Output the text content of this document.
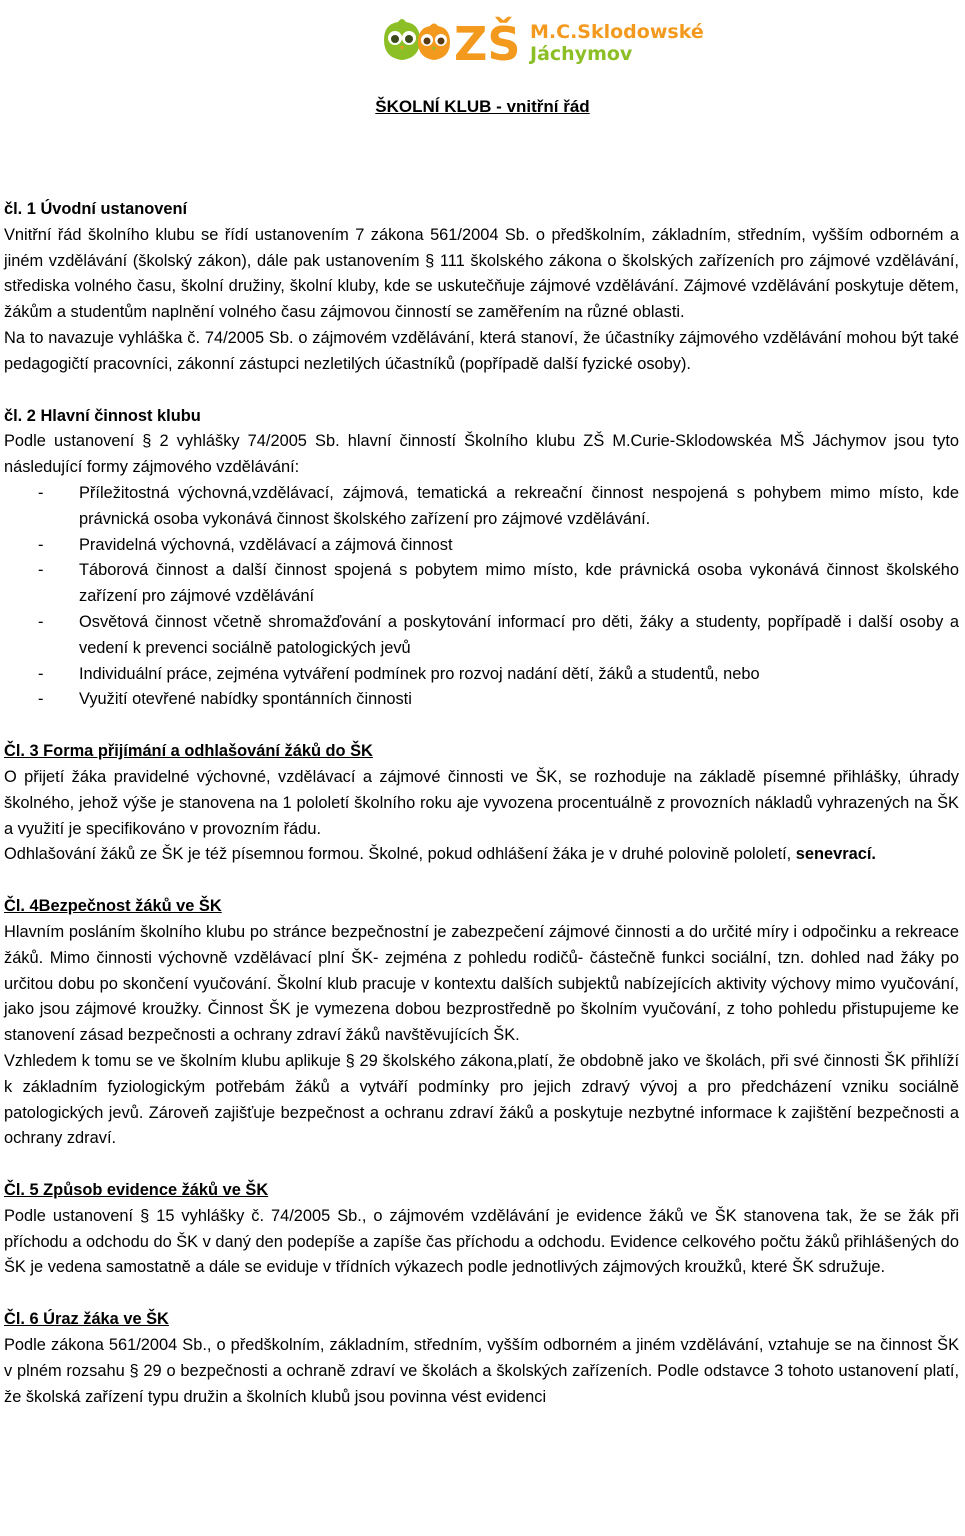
ZŠ M.C.Sklodowské
Jáchymov
ŠKOLNÍ KLUB - vnitřní řád

čl. 1 Úvodní ustanovení

Vnitřní řád školního klubu se řídí ustanovením 7 zákona 561/2004 Sb. o předškolním, základním, středním, vyšším odborném a jiném vzdělávání (školský zákon), dále pak ustanovením § 111 školského zákona o školských zařízeních pro zájmové vzdělávání, střediska volného času, školní družiny, školní kluby, kde se uskutečňuje zájmové vzdělávání. Zájmové vzdělávání poskytuje dětem, žákům a studentům naplnění volného času zájmovou činností se zaměřením na různé oblasti.

Na to navazuje vyhláška č. 74/2005 Sb. o zájmovém vzdělávání, která stanoví, že účastníky zájmového vzdělávání mohou být také pedagogičtí pracovníci, zákonní zástupci nezletilých účastníků (popřípadě další fyzické osoby).

čl. 2 Hlavní činnost klubu

Podle ustanovení § 2 vyhlášky 74/2005 Sb. hlavní činností Školního klubu ZŠ M.Curie-Sklodowskéa MŠ Jáchymov jsou tyto následující formy zájmového vzdělávání:

- Příležitostná výchovná,vzdělávací, zájmová, tematická a rekreační činnost nespojená s pohybem mimo místo, kde právnická osoba vykonává činnost školského zařízení pro zájmové vzdělávání.
- Pravidelná výchovná, vzdělávací a zájmová činnost
- Táborová činnost a další činnost spojená s pobytem mimo místo, kde právnická osoba vykonává činnost školského zařízení pro zájmové vzdělávání
- Osvětová činnost včetně shromažďování a poskytování informací pro děti, žáky a studenty, popřípadě i další osoby a vedení k prevenci sociálně patologických jevů
- Individuální práce, zejména vytváření podmínek pro rozvoj nadání dětí, žáků a studentů, nebo
- Využití otevřené nabídky spontánních činnosti

Čl. 3 Forma přijímání a odhlašování žáků do ŠK

O přijetí žáka pravidelné výchovné, vzdělávací a zájmové činnosti ve ŠK, se rozhoduje na základě písemné přihlášky, úhrady školného, jehož výše je stanovena na 1 pololetí školního roku aje vyvozena procentuálně z provozních nákladů vyhrazených na ŠK a využití je specifikováno v provozním řádu.

Odhlašování žáků ze ŠK je též písemnou formou. Školné, pokud odhlášení žáka je v druhé polovině pololetí, senevrací.

Čl. 4Bezpečnost žáků ve ŠK

Hlavním posláním školního klubu po stránce bezpečnostní je zabezpečení zájmové činnosti a do určité míry i odpočinku a rekreace žáků. Mimo činnosti výchovně vzdělávací plní ŠK- zejména z pohledu rodičů- částečně funkci sociální, tzn. dohled nad žáky po určitou dobu po skončení vyučování. Školní klub pracuje v kontextu dalších subjektů nabízejících aktivity výchovy mimo vyučování, jako jsou zájmové kroužky. Činnost ŠK je vymezena dobou bezprostředně po školním vyučování, z toho pohledu přistupujeme ke stanovení zásad bezpečnosti a ochrany zdraví žáků navštěvujících ŠK.

Vzhledem k tomu se ve školním klubu aplikuje § 29 školského zákona,platí, že obdobně jako ve školách, při své činnosti ŠK přihlíží k základním fyziologickým potřebám žáků a vytváří podmínky pro jejich zdravý vývoj a pro předcházení vzniku sociálně patologických jevů. Zároveň zajišťuje bezpečnost a ochranu zdraví žáků a poskytuje nezbytné informace k zajištění bezpečnosti a ochrany zdraví.

Čl. 5 Způsob evidence žáků ve ŠK

Podle ustanovení § 15 vyhlášky č. 74/2005 Sb., o zájmovém vzdělávání je evidence žáků ve ŠK stanovena tak, že se žák při příchodu a odchodu do ŠK v daný den podepíše a zapíše čas příchodu a odchodu. Evidence celkového počtu žáků přihlášených do ŠK je vedena samostatně a dále se eviduje v třídních výkazech podle jednotlivých zájmových kroužků, které ŠK sdružuje.

Čl. 6 Úraz žáka ve ŠK

Podle zákona 561/2004 Sb., o předškolním, základním, středním, vyšším odborném a jiném vzdělávání, vztahuje se na činnost ŠK v plném rozsahu § 29 o bezpečnosti a ochraně zdraví ve školách a školských zařízeních. Podle odstavce 3 tohoto ustanovení platí, že školská zařízení typu družin a školních klubů jsou povinna vést evidenci
